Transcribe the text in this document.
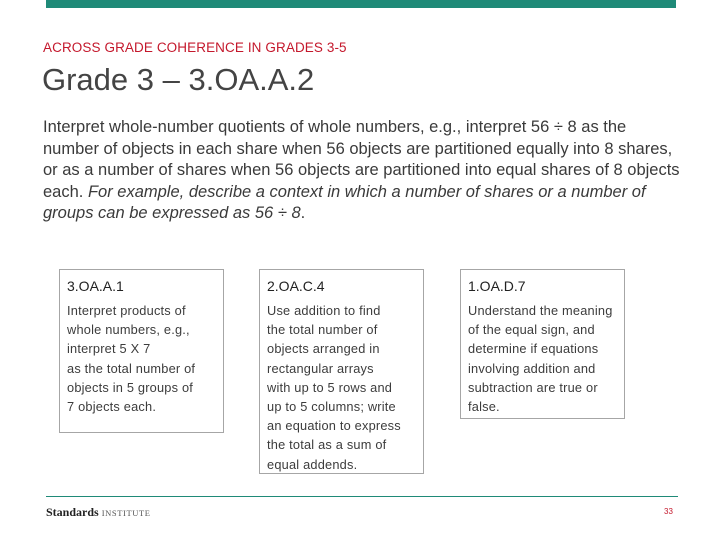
ACROSS GRADE COHERENCE IN GRADES 3-5
Grade 3 – 3.OA.A.2

Interpret whole-number quotients of whole numbers, e.g., interpret 56 ÷ 8 as the number of objects in each share when 56 objects are partitioned equally into 8 shares, or as a number of shares when 56 objects are partitioned into equal shares of 8 objects each. For example, describe a context in which a number of shares or a number of groups can be expressed as 56 ÷ 8.

3.OA.A.1
Interpret products of
whole numbers, e.g.,
interpret 5 X 7
as the total number of
objects in 5 groups of
7 objects each.
2.OA.C.4
Use addition to find
the total number of
objects arranged in
rectangular arrays
with up to 5 rows and
up to 5 columns; write
an equation to express
the total as a sum of
equal addends.
1.OA.D.7
Understand the meaning
of the equal sign, and
determine if equations
involving addition and
subtraction are true or
false.
Standards INSTITUTE	33
